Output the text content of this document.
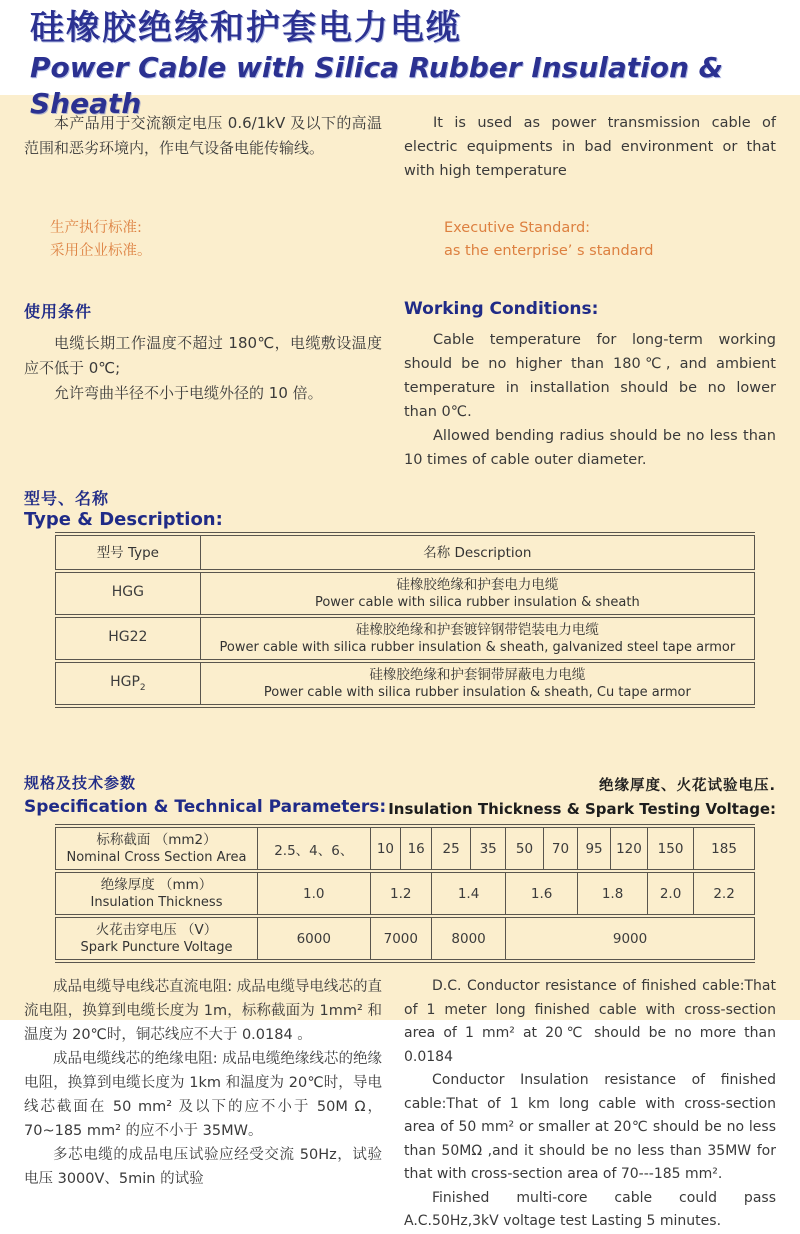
硅橡胶绝缘和护套电力电缆
Power Cable with Silica Rubber Insulation & Sheath
本产品用于交流额定电压 0.6/1kV 及以下的高温范围和恶劣环境内，作电气设备电能传输线。
It is used as power transmission cable of electric equipments in bad environment or that with high temperature
生产执行标准:
采用企业标准。
Executive Standard:
as the enterprise’ s standard
使用条件
电缆长期工作温度不超过 180℃，电缆敷设温度应不低于 0℃;
允许弯曲半径不小于电缆外径的 10 倍。
Working Conditions:
Cable temperature for long-term working should be no higher than 180℃, and ambient temperature in installation should be no lower than 0℃.
Allowed bending radius should be no less than 10 times of cable outer diameter.
型号、名称
Type & Description:
型号 Type	名称 Description
HGG	硅橡胶绝缘和护套电力电缆
Power cable with silica rubber insulation & sheath

HG22	硅橡胶绝缘和护套镀锌钢带铠装电力电缆
Power cable with silica rubber insulation & sheath, galvanized steel tape armor

$HGP_2$	硅橡胶绝缘和护套铜带屏蔽电力电缆
Power cable with silica rubber insulation & sheath, Cu tape armor
规格及技术参数
Specification & Technical Parameters:
绝缘厚度、火花试验电压.
Insulation Thickness & Spark Testing Voltage:
标称截面 （mm2）
Nominal Cross Section Area	2.5、4、6、	10	16	25	35	50	70	95	120	150	185

绝缘厚度 （mm）
Insulation Thickness	1.0	1.2		1.4		1.6		1.8		2.0	2.2

火花击穿电压 （V）
Spark Puncture Voltage	6000	7000		8000		9000					
成品电缆导电线芯直流电阻: 成品电缆导电线芯的直流电阻，换算到电缆长度为 1m，标称截面为 1mm² 和温度为 20℃时，铜芯线应不大于 0.0184 。
成品电缆线芯的绝缘电阻: 成品电缆绝缘线芯的绝缘电阻，换算到电缆长度为 1km 和温度为 20℃时，导电线芯截面在 50 mm² 及以下的应不小于 50M Ω，70~185 mm² 的应不小于 35MW。
多芯电缆的成品电压试验应经受交流 50Hz，试验电压 3000V、5min 的试验
D.C. Conductor resistance of finished cable:That of 1 meter long finished cable with cross-section area of 1 mm² at 20℃ should be no more than 0.0184
Conductor Insulation resistance of finished cable:That of 1 km long cable with cross-section area of 50 mm² or smaller at 20℃ should be no less than 50MΩ ,and it should be no less than 35MW for that with cross-section area of 70---185 mm².
Finished multi-core cable could pass A.C.50Hz,3kV voltage test Lasting 5 minutes.
